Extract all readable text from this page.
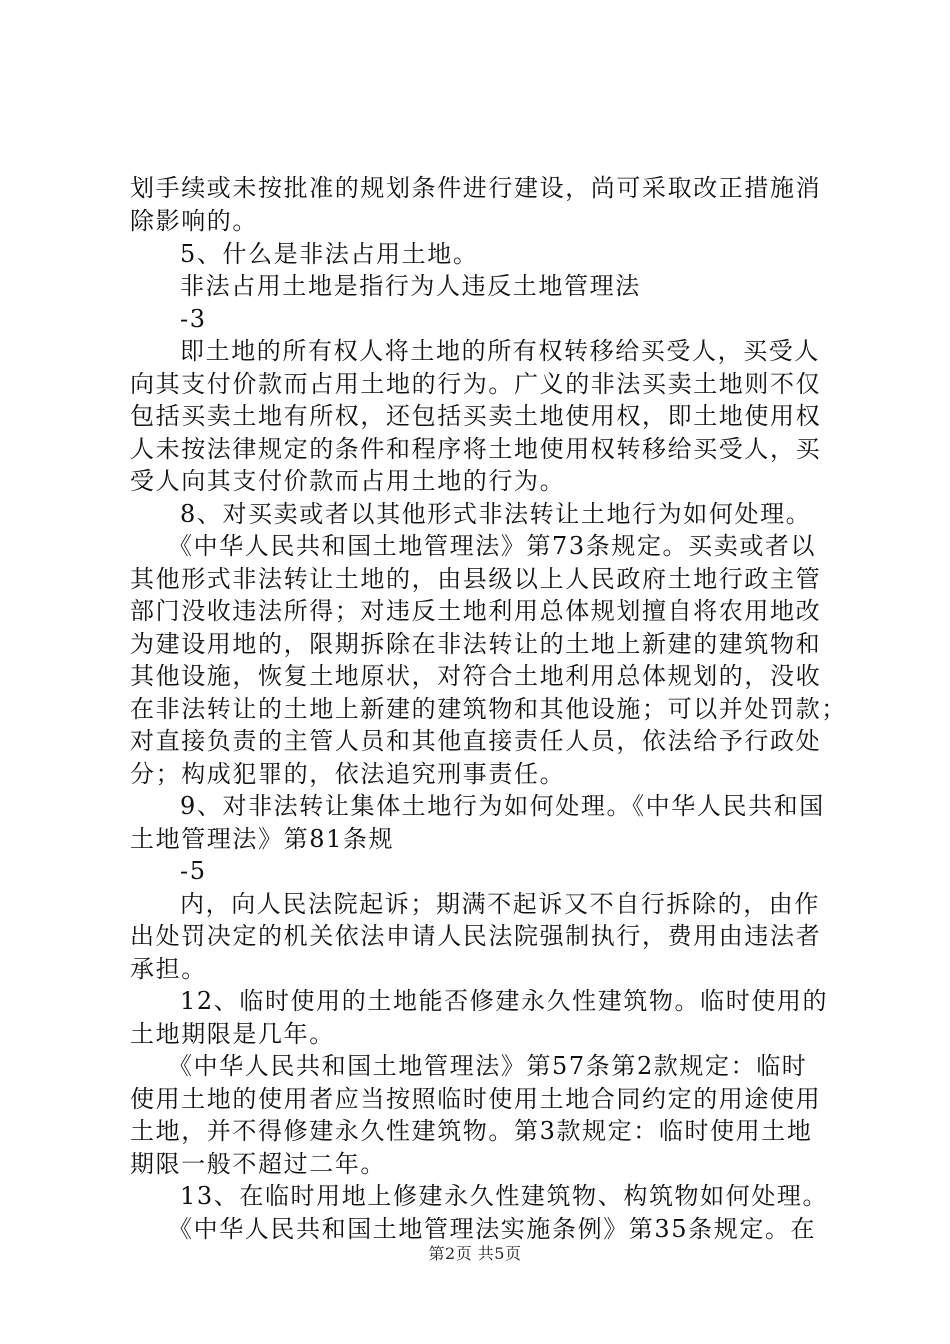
划手续或未按批准的规划条件进行建设，尚可采取改正措施消
除影响的。
5、什么是非法占用土地。
非法占用土地是指行为人违反土地管理法
-3
即土地的所有权人将土地的所有权转移给买受人，买受人
向其支付价款而占用土地的行为。广义的非法买卖土地则不仅
包括买卖土地有所权，还包括买卖土地使用权，即土地使用权
人未按法律规定的条件和程序将土地使用权转移给买受人，买
受人向其支付价款而占用土地的行为。
8、对买卖或者以其他形式非法转让土地行为如何处理。
《中华人民共和国土地管理法》第73条规定。买卖或者以
其他形式非法转让土地的，由县级以上人民政府土地行政主管
部门没收违法所得；对违反土地利用总体规划擅自将农用地改
为建设用地的，限期拆除在非法转让的土地上新建的建筑物和
其他设施，恢复土地原状，对符合土地利用总体规划的，没收
在非法转让的土地上新建的建筑物和其他设施；可以并处罚款；
对直接负责的主管人员和其他直接责任人员，依法给予行政处
分；构成犯罪的，依法追究刑事责任。
9、对非法转让集体土地行为如何处理。《中华人民共和国
土地管理法》第81条规
-5
内，向人民法院起诉；期满不起诉又不自行拆除的，由作
出处罚决定的机关依法申请人民法院强制执行，费用由违法者
承担。
12、临时使用的土地能否修建永久性建筑物。临时使用的
土地期限是几年。
《中华人民共和国土地管理法》第57条第2款规定：临时
使用土地的使用者应当按照临时使用土地合同约定的用途使用
土地，并不得修建永久性建筑物。第3款规定：临时使用土地
期限一般不超过二年。
13、在临时用地上修建永久性建筑物、构筑物如何处理。
《中华人民共和国土地管理法实施条例》第35条规定。在
第2页 共5页
